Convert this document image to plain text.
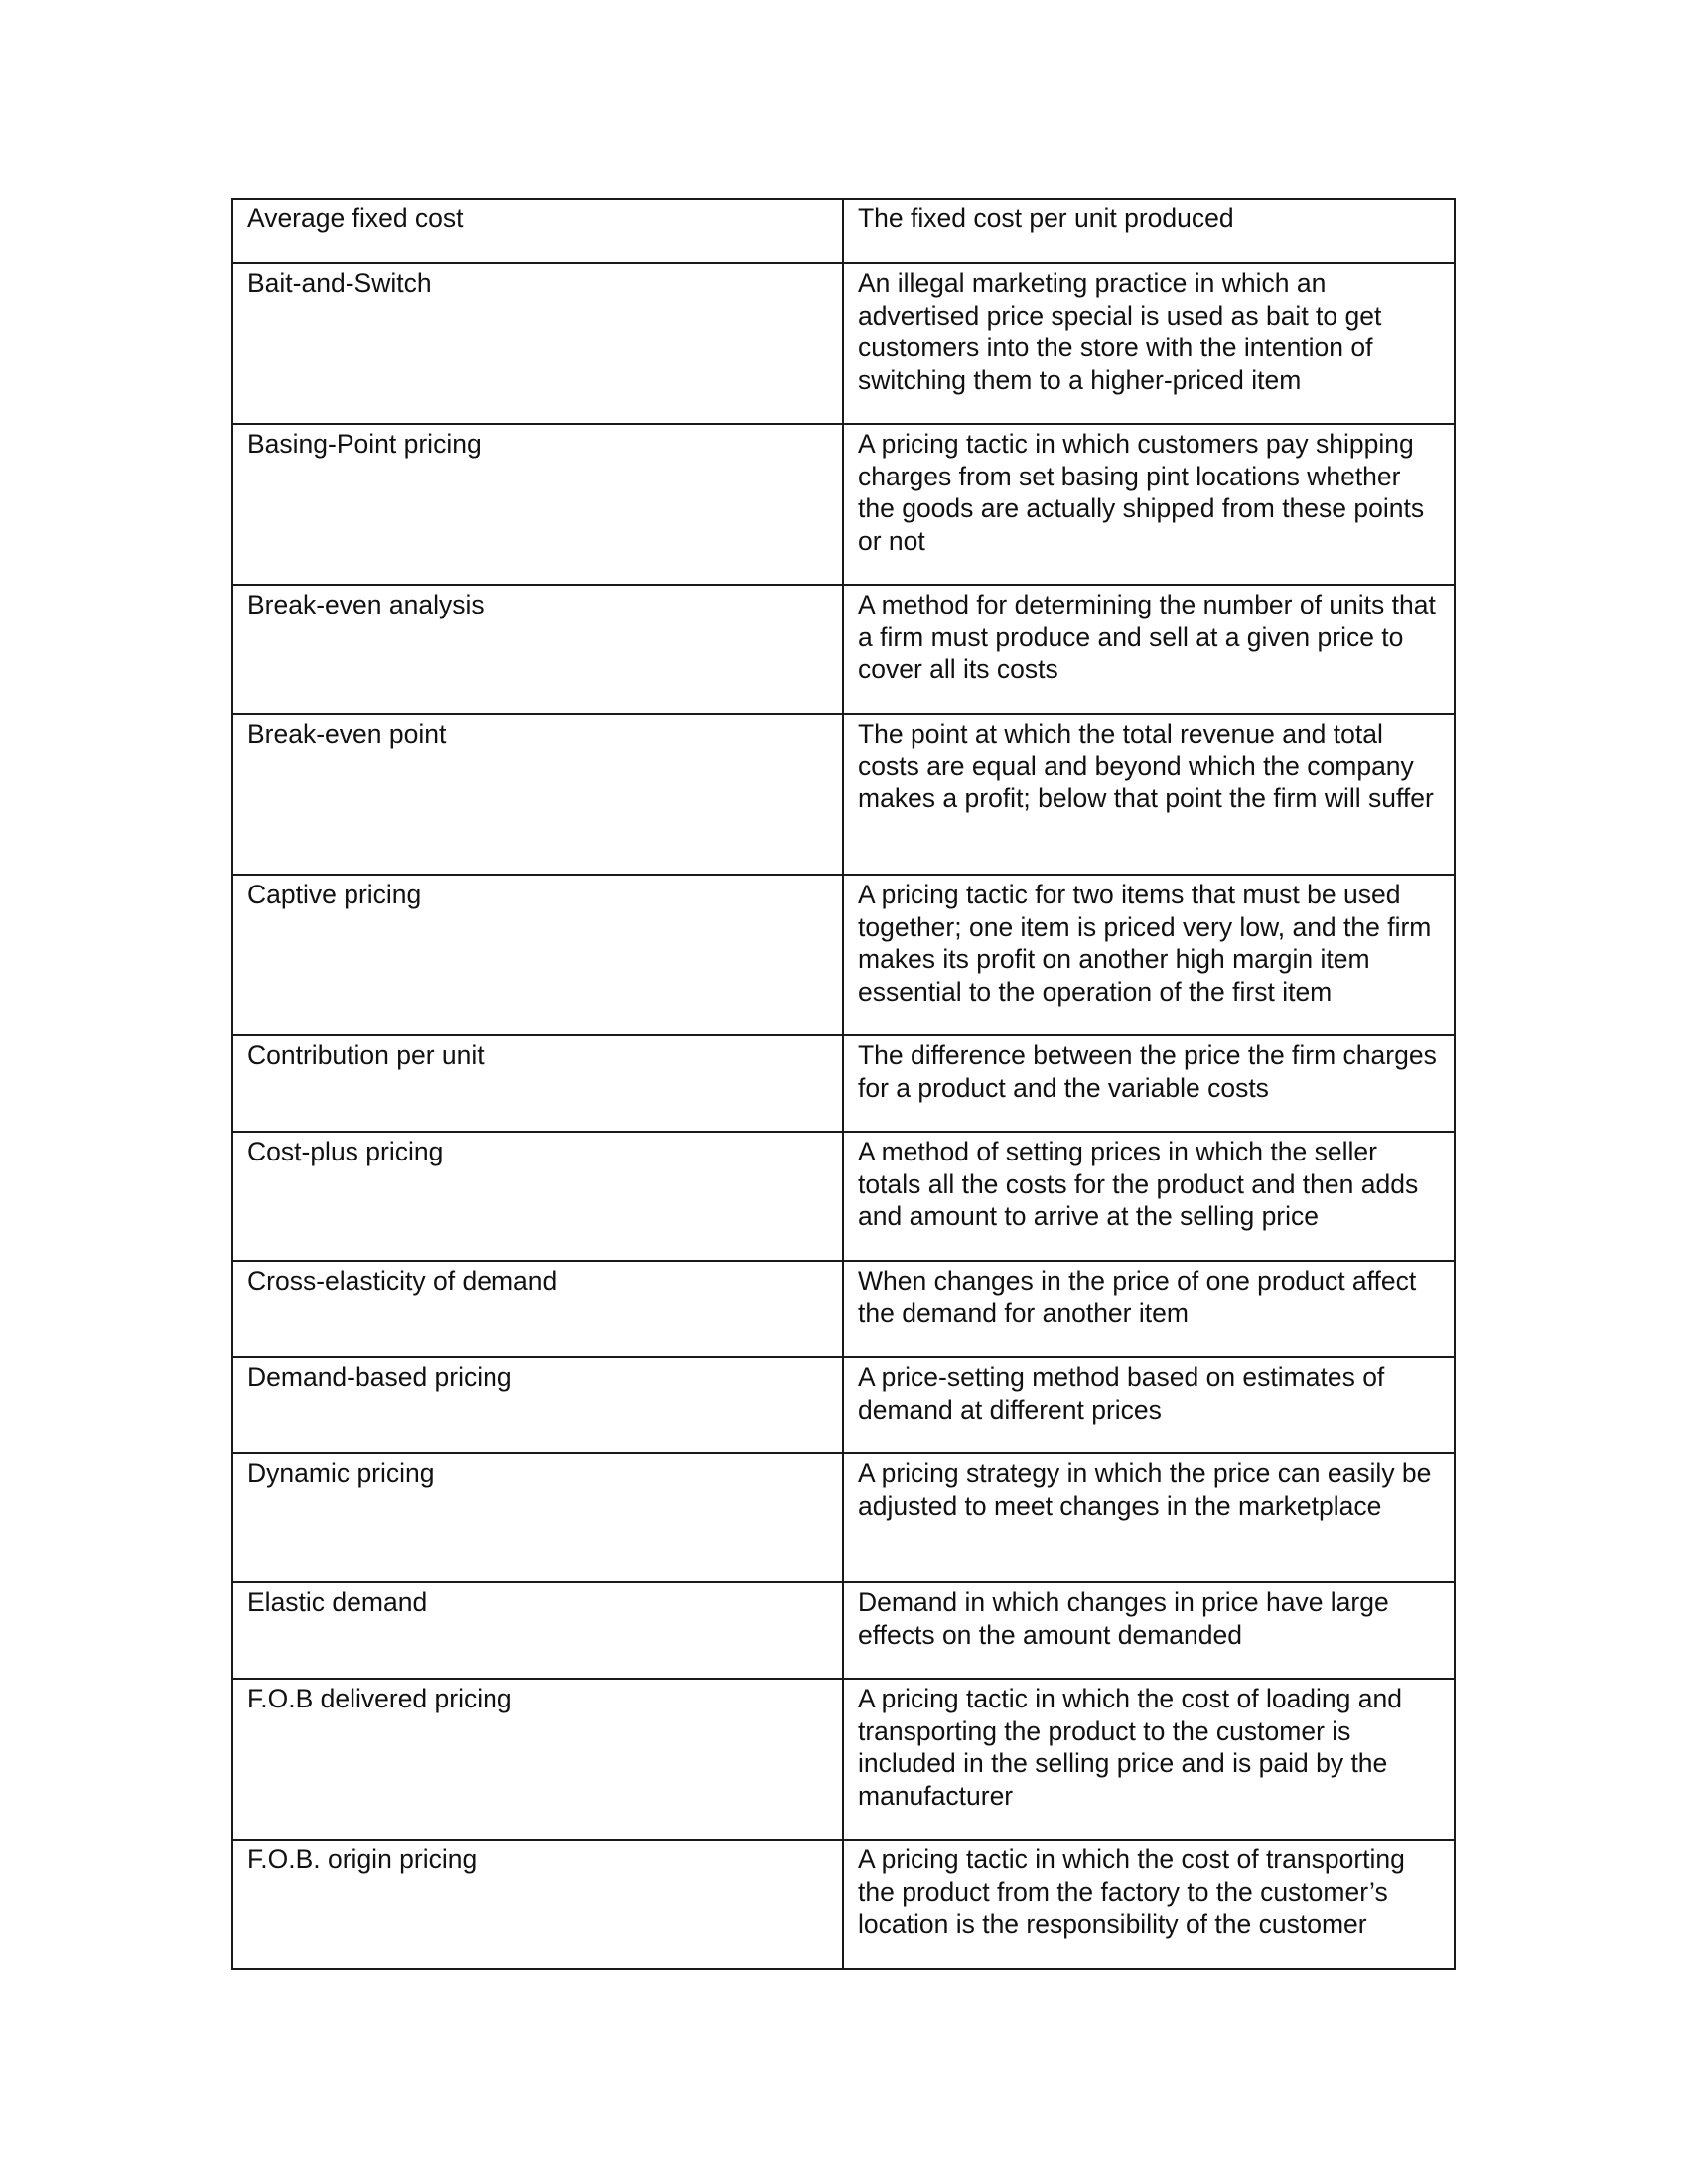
Average fixed cost	The fixed cost per unit produced
Bait-and-Switch	An illegal marketing practice in which an advertised price special is used as bait to get customers into the store with the intention of switching them to a higher-priced item
Basing-Point pricing	A pricing tactic in which customers pay shipping charges from set basing pint locations whether the goods are actually shipped from these points or not
Break-even analysis	A method for determining the number of units that a firm must produce and sell at a given price to cover all its costs
Break-even point	The point at which the total revenue and total costs are equal and beyond which the company makes a profit; below that point the firm will suffer
Captive pricing	A pricing tactic for two items that must be used together; one item is priced very low, and the firm makes its profit on another high margin item essential to the operation of the first item
Contribution per unit	The difference between the price the firm charges for a product and the variable costs
Cost-plus pricing	A method of setting prices in which the seller totals all the costs for the product and then adds and amount to arrive at the selling price
Cross-elasticity of demand	When changes in the price of one product affect the demand for another item
Demand-based pricing	A price-setting method based on estimates of demand at different prices
Dynamic pricing	A pricing strategy in which the price can easily be adjusted to meet changes in the marketplace
Elastic demand	Demand in which changes in price have large effects on the amount demanded
F.O.B delivered pricing	A pricing tactic in which the cost of loading and transporting the product to the customer is included in the selling price and is paid by the manufacturer
F.O.B. origin pricing	A pricing tactic in which the cost of transporting the product from the factory to the customer’s location is the responsibility of the customer
